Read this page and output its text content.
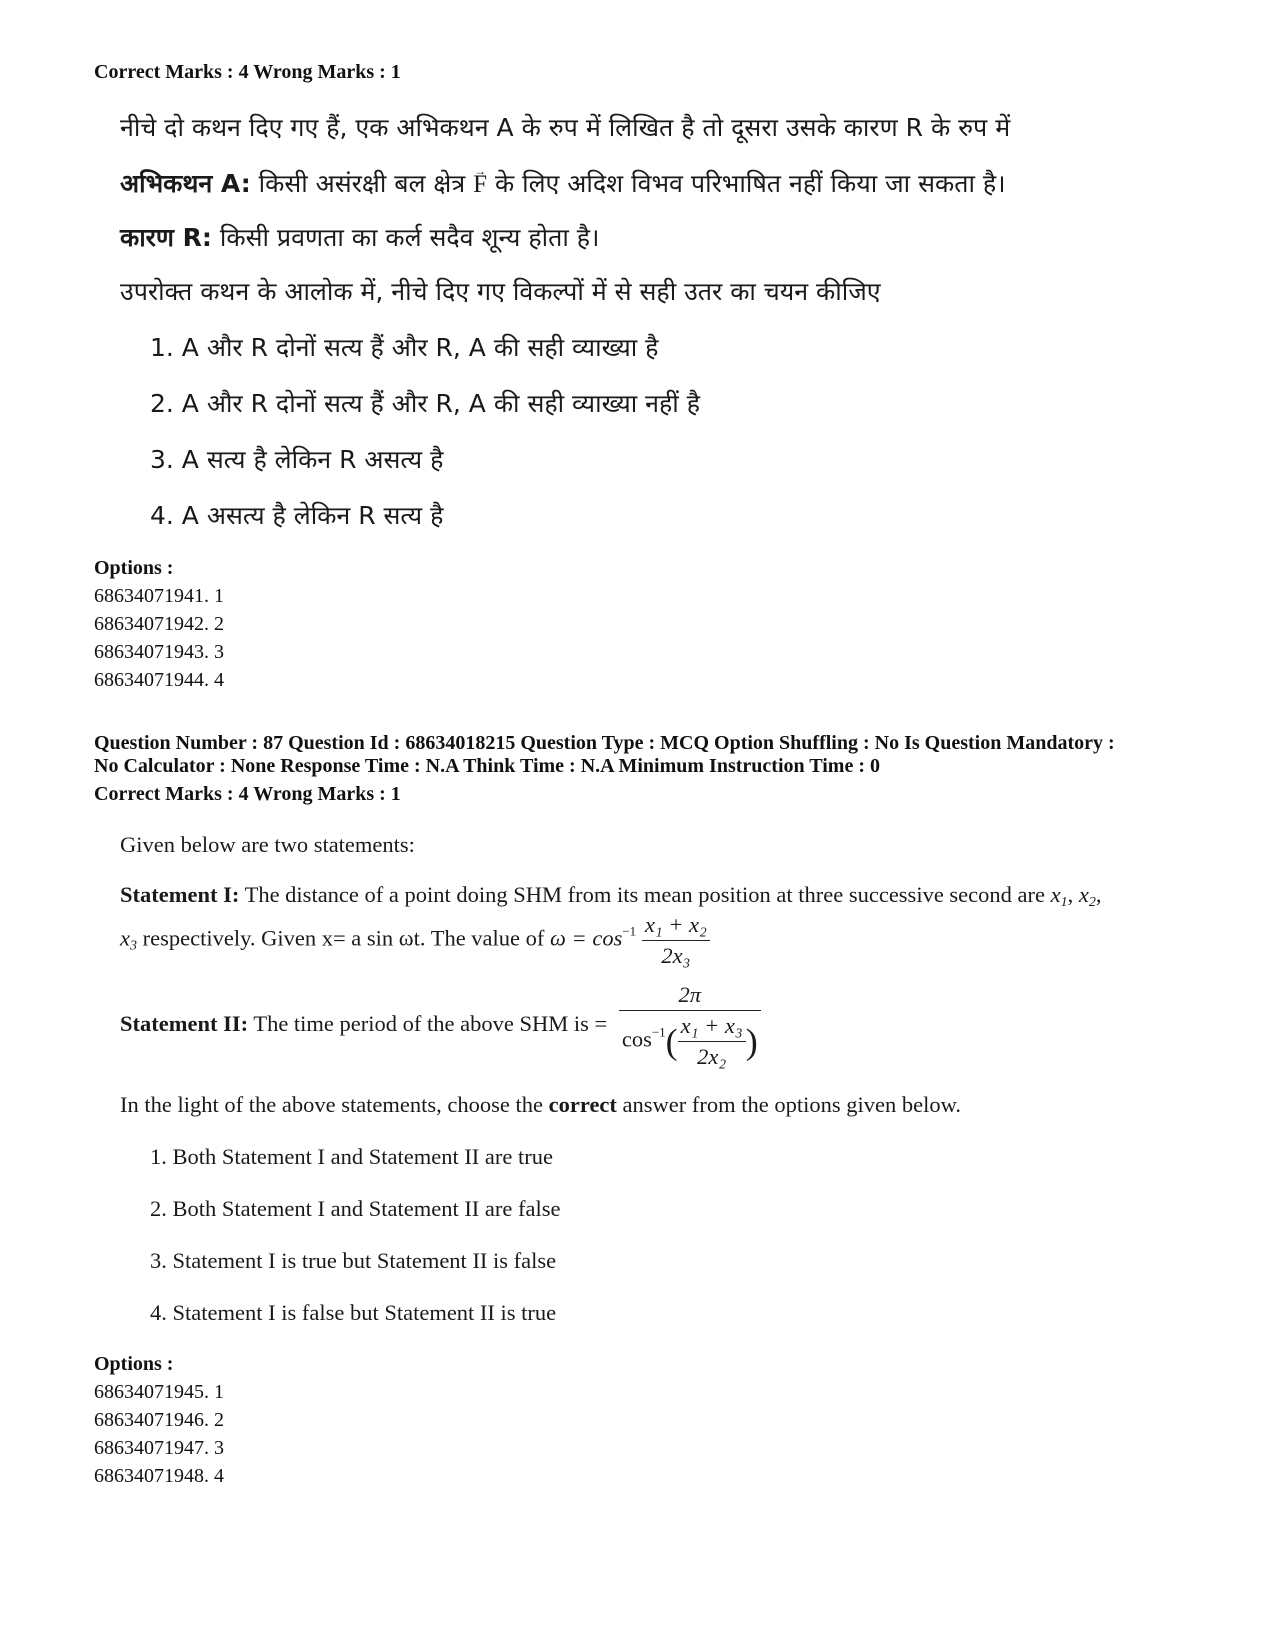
Correct Marks : 4 Wrong Marks : 1
नीचे दो कथन दिए गए हैं, एक अभिकथन A के रुप में लिखित है तो दूसरा उसके कारण R के रुप में
अभिकथन A: किसी असंरक्षी बल क्षेत्र → F के लिए अदिश विभव परिभाषित नहीं किया जा सकता है।
कारण R: किसी प्रवणता का कर्ल सदैव शून्य होता है।
उपरोक्त कथन के आलोक में, नीचे दिए गए विकल्पों में से सही उतर का चयन कीजिए
1. A और R दोनों सत्य हैं और R, A की सही व्याख्या है
2. A और R दोनों सत्य हैं और R, A की सही व्याख्या नहीं है
3. A सत्य है लेकिन R असत्य है
4. A असत्य है लेकिन R सत्य है
Options :
68634071941. 1
68634071942. 2
68634071943. 3
68634071944. 4
Question Number : 87 Question Id : 68634018215 Question Type : MCQ Option Shuffling : No Is Question Mandatory :
No Calculator : None Response Time : N.A Think Time : N.A Minimum Instruction Time : 0
Correct Marks : 4 Wrong Marks : 1
Given below are two statements:
Statement I: The distance of a point doing SHM from its mean position at three successive second are $x_1$, $x_2$,
$x_3$ respectively. Given x= a sin ωt. The value of $\omega = \cos^{-1} \frac{\text{x₁ + x₂}}{\text{2x₃}}$
Statement II: The time period of the above SHM is = $\frac{2\pi}{\cos^{-1}( \frac{\text{x₁ + x₃}}{\text{2x₂}} )}$
In the light of the above statements, choose the correct answer from the options given below.
1. Both Statement I and Statement II are true
2. Both Statement I and Statement II are false
3. Statement I is true but Statement II is false
4. Statement I is false but Statement II is true
Options :
68634071945. 1
68634071946. 2
68634071947. 3
68634071948. 4
